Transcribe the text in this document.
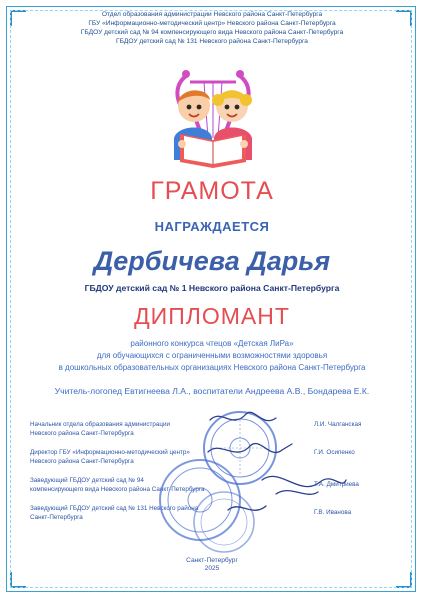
Отдел образования администрации Невского района Санкт-Петербурга
ГБУ «Информационно-методический центр» Невского района Санкт-Петербурга
ГБДОУ детский сад № 94 компенсирующего вида Невского района Санкт-Петербурга
ГБДОУ детский сад № 131 Невского района Санкт-Петербурга
ГРАМОТА
НАГРАЖДАЕТСЯ
Дербичева Дарья
ГБДОУ детский сад № 1 Невского района Санкт-Петербурга
ДИПЛОМАНТ
районного конкурса чтецов «Детская ЛиРа»
для обучающихся с ограниченными возможностями здоровья
в дошкольных образовательных организациях Невского района Санкт-Петербурга
Учитель-логопед Евтигнеева Л.А., воспитатели Андреева А.В., Бондарева Е.К.
Начальник отдела образования администрации
Невского района Санкт-Петербурга
Л.И. Чалганская
Директор ГБУ «Информационно-методический центр»
Невского района Санкт-Петербурга
Г.И. Осипенко
Заведующий ГБДОУ детский сад № 94
компенсирующего вида Невского района Санкт-Петербурга
Т.А. Дмитриева
Заведующий ГБДОУ детский сад № 131 Невского района
Санкт-Петербурга
Г.В. Иванова
Санкт-Петербург
2025
